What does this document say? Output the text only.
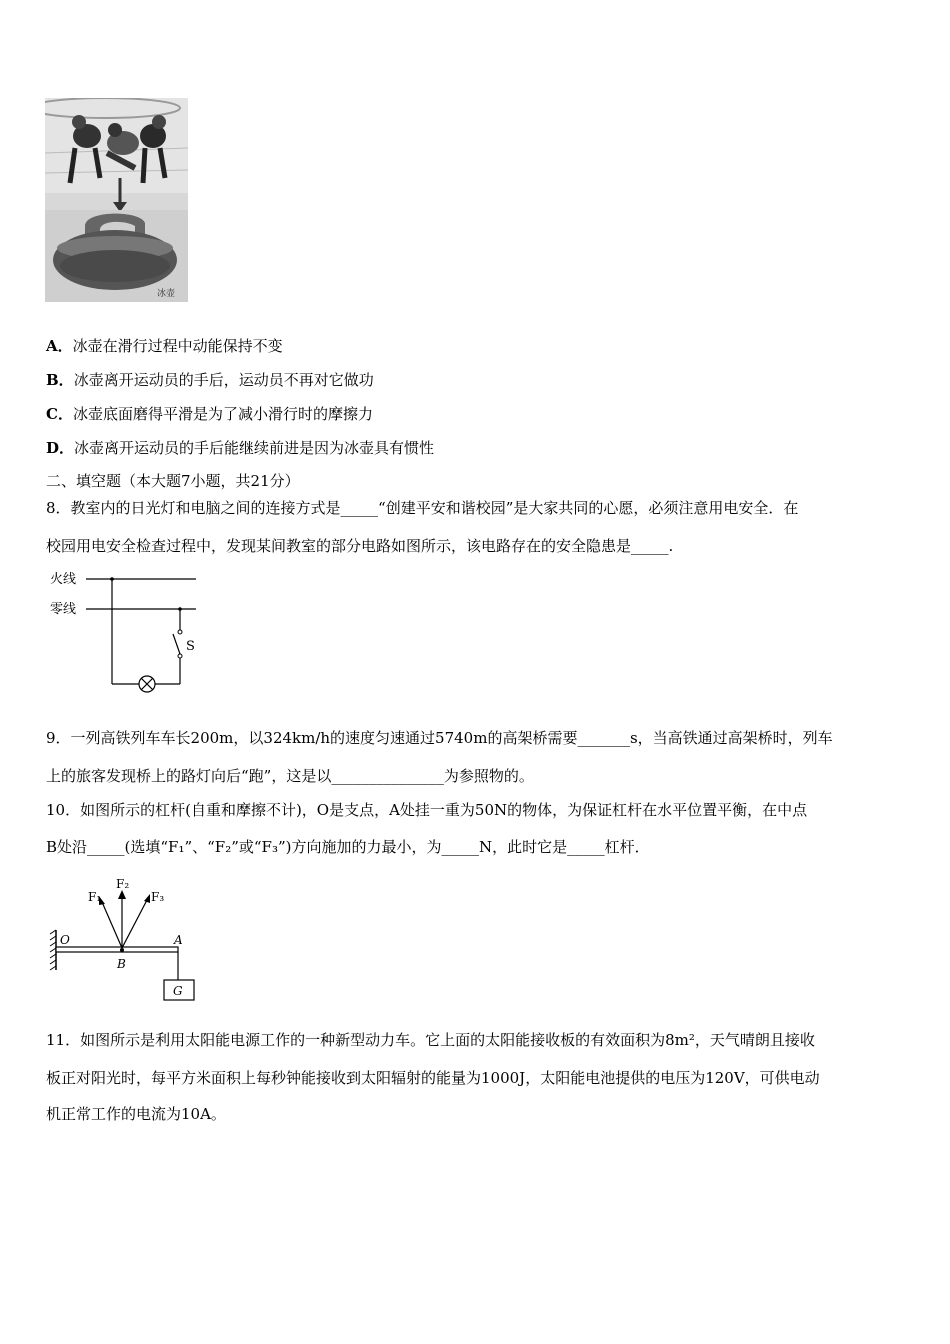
冰壶
A．冰壶在滑行过程中动能保持不变
B．冰壶离开运动员的手后，运动员不再对它做功
C．冰壶底面磨得平滑是为了减小滑行时的摩擦力
D．冰壶离开运动员的手后能继续前进是因为冰壶具有惯性
二、填空题（本大题7小题，共21分）
8．教室内的日光灯和电脑之间的连接方式是_____“创建平安和谐校园”是大家共同的心愿，必须注意用电安全．在
校园用电安全检查过程中，发现某间教室的部分电路如图所示，该电路存在的安全隐患是_____.
火线
零线
S
9．一列高铁列车车长200m，以324km/h的速度匀速通过5740m的高架桥需要_______s，当高铁通过高架桥时，列车
上的旅客发现桥上的路灯向后“跑”，这是以_______________为参照物的。
10．如图所示的杠杆(自重和摩擦不计)，O是支点，A处挂一重为50N的物体，为保证杠杆在水平位置平衡，在中点
B处沿_____(选填“F₁”、“F₂”或“F₃”)方向施加的力最小，为_____N，此时它是_____杠杆．
F₁
F₂
F₃
O	A
B
G
11．如图所示是利用太阳能电源工作的一种新型动力车。它上面的太阳能接收板的有效面积为8m²，天气晴朗且接收
板正对阳光时，每平方米面积上每秒钟能接收到太阳辐射的能量为1000J，太阳能电池提供的电压为120V，可供电动
机正常工作的电流为10A。
